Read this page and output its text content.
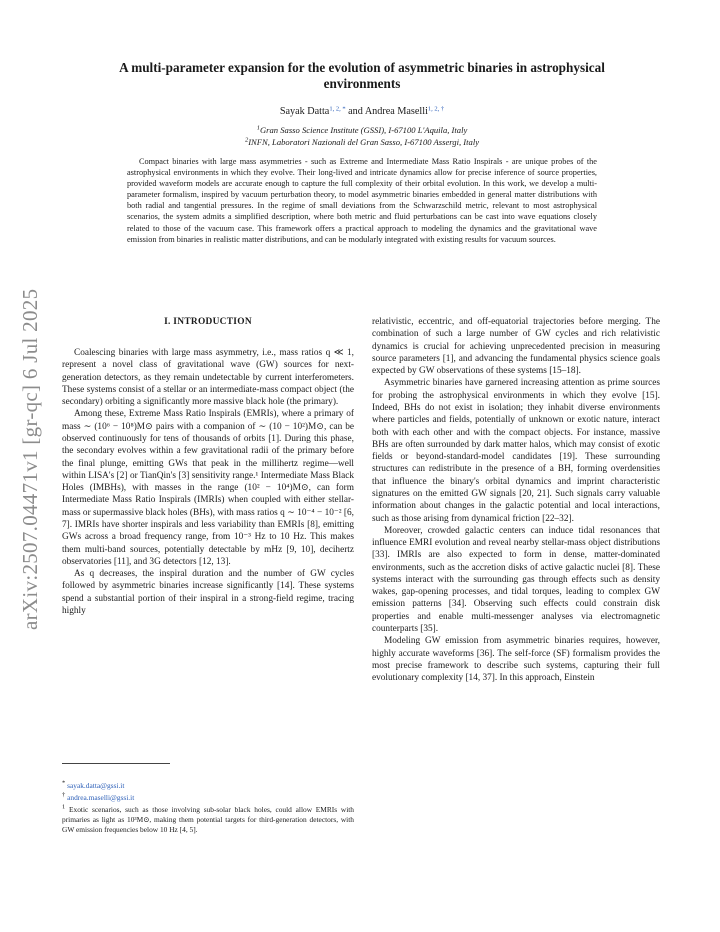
arXiv:2507.04471v1 [gr-qc] 6 Jul 2025
A multi-parameter expansion for the evolution of asymmetric binaries in astrophysical
environments
Sayak Datta$^{1, 2, *}$ and Andrea Maselli$^{1, 2, \dagger}$
$^1$Gran Sasso Science Institute (GSSI), I-67100 L'Aquila, Italy
$^2$INFN, Laboratori Nazionali del Gran Sasso, I-67100 Assergi, Italy
Compact binaries with large mass asymmetries - such as Extreme and Intermediate Mass Ratio Inspirals - are unique probes of the astrophysical environments in which they evolve. Their long-lived and intricate dynamics allow for precise inference of source properties, provided waveform models are accurate enough to capture the full complexity of their orbital evolution. In this work, we develop a multi-parameter formalism, inspired by vacuum perturbation theory, to model asymmetric binaries embedded in general matter distributions with both radial and tangential pressures. In the regime of small deviations from the Schwarzschild metric, relevant to most astrophysical scenarios, the system admits a simplified description, where both metric and fluid perturbations can be cast into wave equations closely related to those of the vacuum case. This framework offers a practical approach to modeling the dynamics and the gravitational wave emission from binaries in realistic matter distributions, and can be modularly integrated with existing results for vacuum sources.
I. INTRODUCTION

Coalescing binaries with large mass asymmetry, i.e., mass ratios q ≪ 1, represent a novel class of gravitational wave (GW) sources for next-generation detectors, as they remain undetectable by current interferometers. These systems consist of a stellar or an intermediate-mass compact object (the secondary) orbiting a significantly more massive black hole (the primary).

Among these, Extreme Mass Ratio Inspirals (EMRIs), where a primary of mass ∼ (10⁶ − 10⁸)M⊙ pairs with a companion of ∼ (10 − 10²)M⊙, can be observed continuously for tens of thousands of orbits [1]. During this phase, the secondary evolves within a few gravitational radii of the primary before the final plunge, emitting GWs that peak in the millihertz regime—well within LISA's [2] or TianQin's [3] sensitivity range.¹ Intermediate Mass Black Holes (IMBHs), with masses in the range (10² − 10⁴)M⊙, can form Intermediate Mass Ratio Inspirals (IMRIs) when coupled with either stellar-mass or supermassive black holes (BHs), with mass ratios q ∼ 10⁻⁴ − 10⁻² [6, 7]. IMRIs have shorter inspirals and less variability than EMRIs [8], emitting GWs across a broad frequency range, from 10⁻³ Hz to 10 Hz. This makes them multi-band sources, potentially detectable by mHz [9, 10], decihertz observatories [11], and 3G detectors [12, 13].

As q decreases, the inspiral duration and the number of GW cycles followed by asymmetric binaries increase significantly [14]. These systems spend a substantial portion of their inspiral in a strong-field regime, tracing highly

relativistic, eccentric, and off-equatorial trajectories before merging. The combination of such a large number of GW cycles and rich relativistic dynamics is crucial for achieving unprecedented precision in measuring source parameters [1], and advancing the fundamental physics science goals expected by GW observations of these systems [15–18].

Asymmetric binaries have garnered increasing attention as prime sources for probing the astrophysical environments in which they evolve [15]. Indeed, BHs do not exist in isolation; they inhabit diverse environments where particles and fields, potentially of unknown or exotic nature, interact both with each other and with the compact objects. For instance, massive BHs are often surrounded by dark matter halos, which may consist of exotic fields or beyond-standard-model candidates [19]. These surrounding structures can redistribute in the presence of a BH, forming overdensities that influence the binary's orbital dynamics and imprint characteristic signatures on the emitted GW signals [20, 21]. Such signals carry valuable information about changes in the galactic potential and local interactions, such as those arising from dynamical friction [22–32].

Moreover, crowded galactic centers can induce tidal resonances that influence EMRI evolution and reveal nearby stellar-mass object distributions [33]. IMRIs are also expected to form in dense, matter-dominated environments, such as the accretion disks of active galactic nuclei [8]. These systems interact with the surrounding gas through effects such as density wakes, gap-opening processes, and tidal torques, leading to complex GW emission patterns [34]. Observing such effects could constrain disk properties and enable multi-messenger analyses via electromagnetic counterparts [35].

Modeling GW emission from asymmetric binaries requires, however, highly accurate waveforms [36]. The self-force (SF) formalism provides the most precise framework to describe such systems, capturing their full evolutionary complexity [14, 37]. In this approach, Einstein

* sayak.datta@gssi.it

† andrea.maselli@gssi.it

$^1$ Exotic scenarios, such as those involving sub-solar black holes, could allow EMRIs with primaries as light as 10³M⊙, making them potential targets for third-generation detectors, with GW emission frequencies below 10 Hz [4, 5].
